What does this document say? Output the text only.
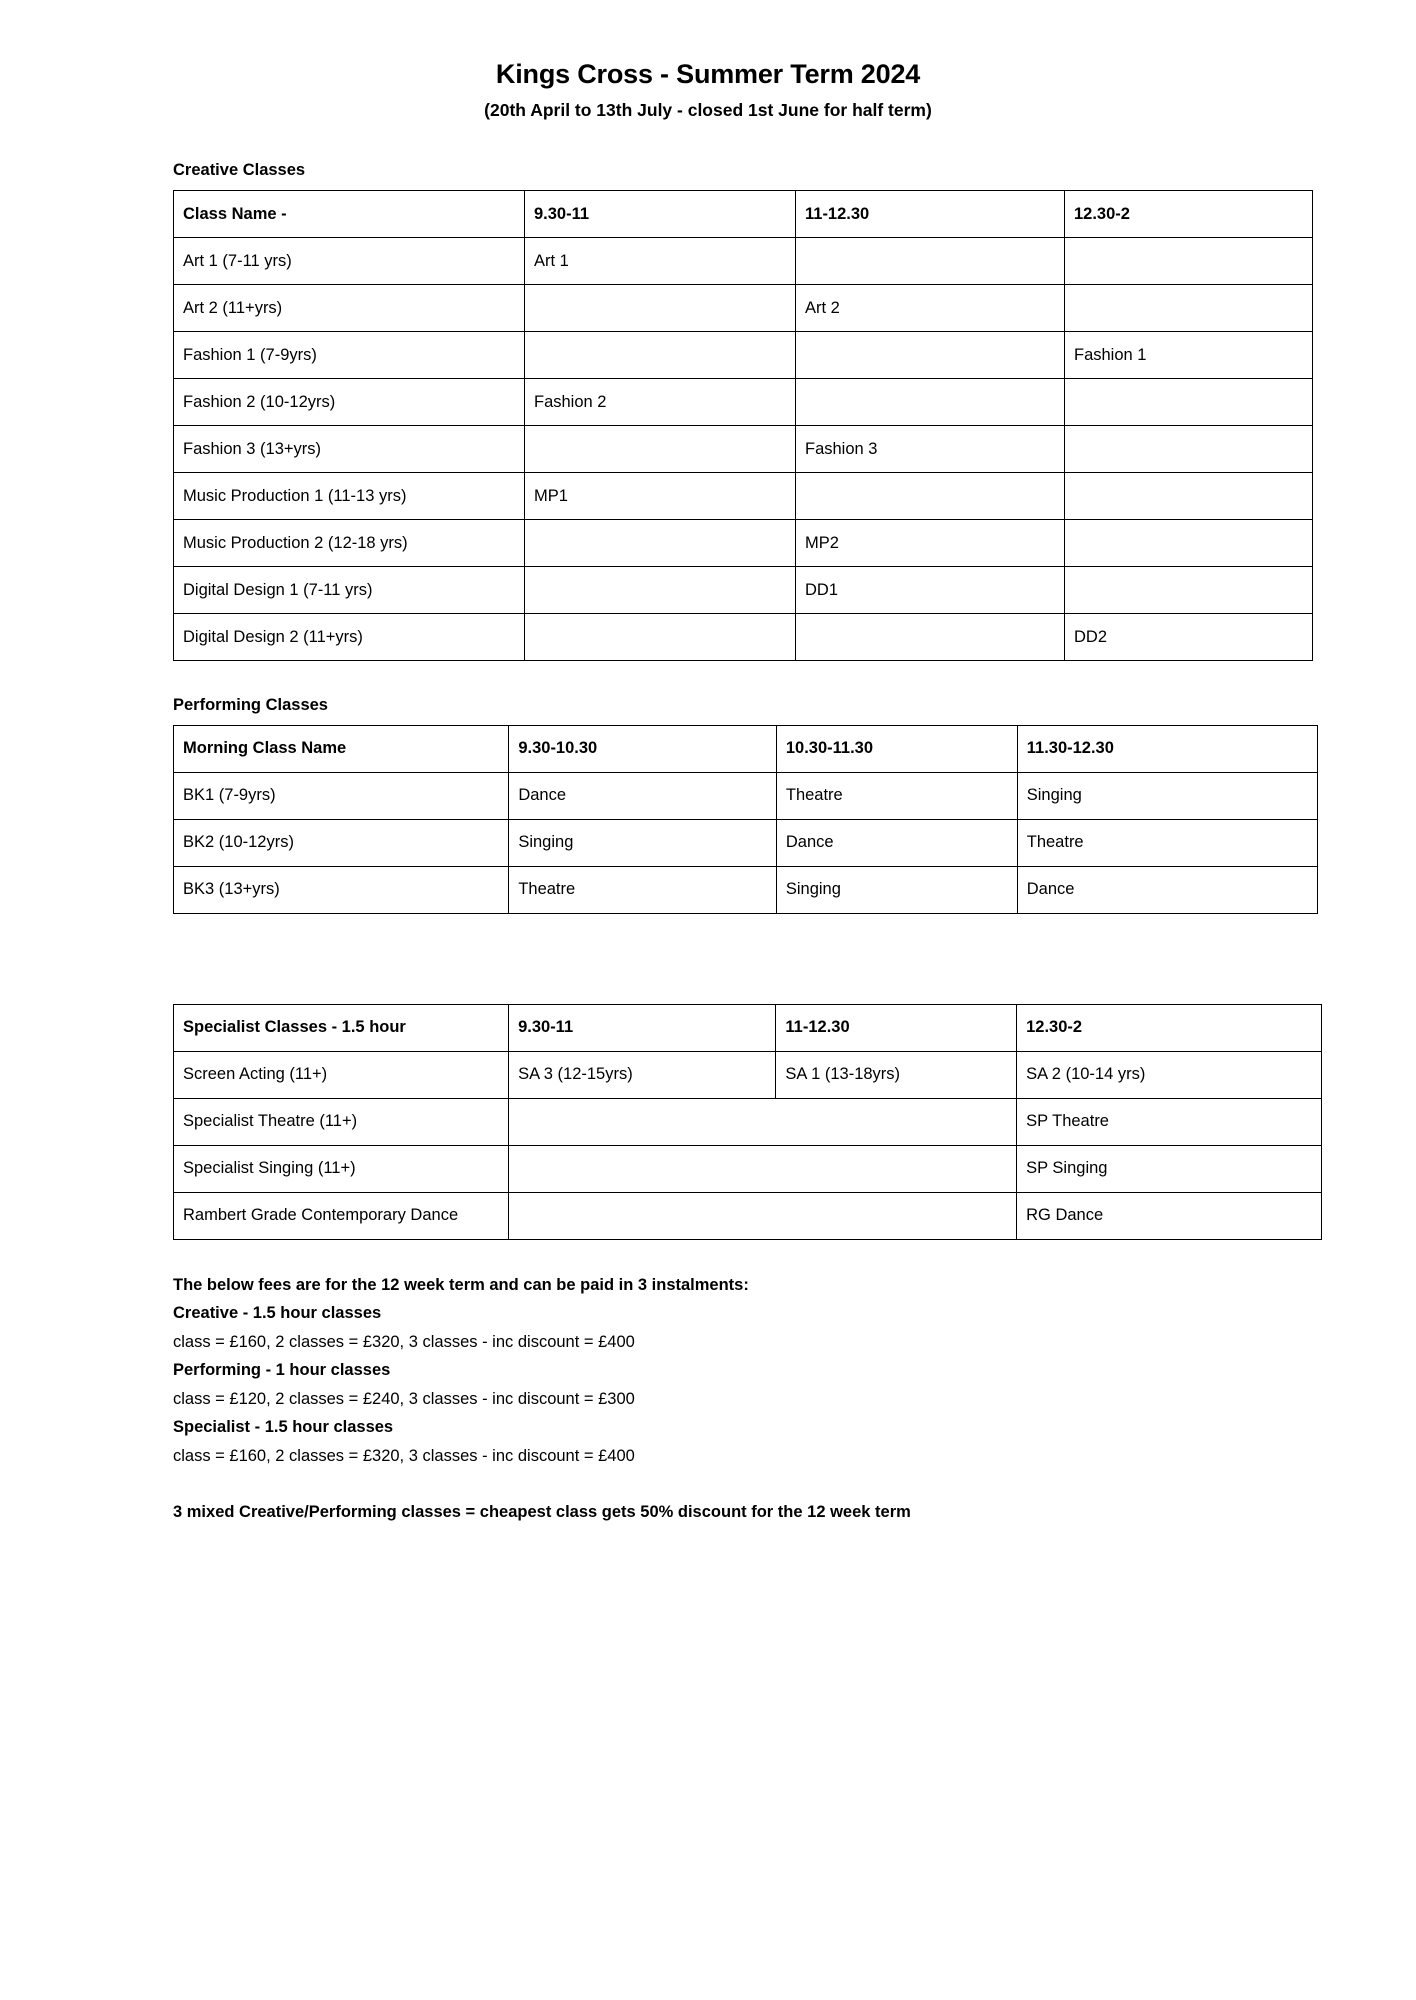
Kings Cross - Summer Term 2024
(20th April to 13th July - closed 1st June for half term)
Creative Classes
Class Name -	9.30-11	11-12.30	12.30-2
Art 1 (7-11 yrs)	Art 1		
Art 2 (11+yrs)		Art 2	
Fashion 1 (7-9yrs)			Fashion 1
Fashion 2 (10-12yrs)	Fashion 2		
Fashion 3 (13+yrs)		Fashion 3	
Music Production 1 (11-13 yrs)	MP1		
Music Production 2 (12-18 yrs)		MP2	
Digital Design 1 (7-11 yrs)		DD1	
Digital Design 2 (11+yrs)			DD2
Performing Classes
Morning Class Name	9.30-10.30	10.30-11.30	11.30-12.30
BK1 (7-9yrs)	Dance	Theatre	Singing
BK2 (10-12yrs)	Singing	Dance	Theatre
BK3 (13+yrs)	Theatre	Singing	Dance
Specialist Classes - 1.5 hour	9.30-11	11-12.30	12.30-2
Screen Acting (11+)	SA 3 (12-15yrs)	SA 1 (13-18yrs)	SA 2 (10-14 yrs)
Specialist Theatre (11+)			SP Theatre
Specialist Singing (11+)			SP Singing
Rambert Grade Contemporary Dance			RG Dance
The below fees are for the 12 week term and can be paid in 3 instalments:
Creative - 1.5 hour classes
class = £160, 2 classes = £320, 3 classes - inc discount = £400
Performing - 1 hour classes
class = £120, 2 classes = £240, 3 classes - inc discount = £300
Specialist - 1.5 hour classes
class = £160, 2 classes = £320, 3 classes - inc discount = £400
3 mixed Creative/Performing classes = cheapest class gets 50% discount for the 12 week term
